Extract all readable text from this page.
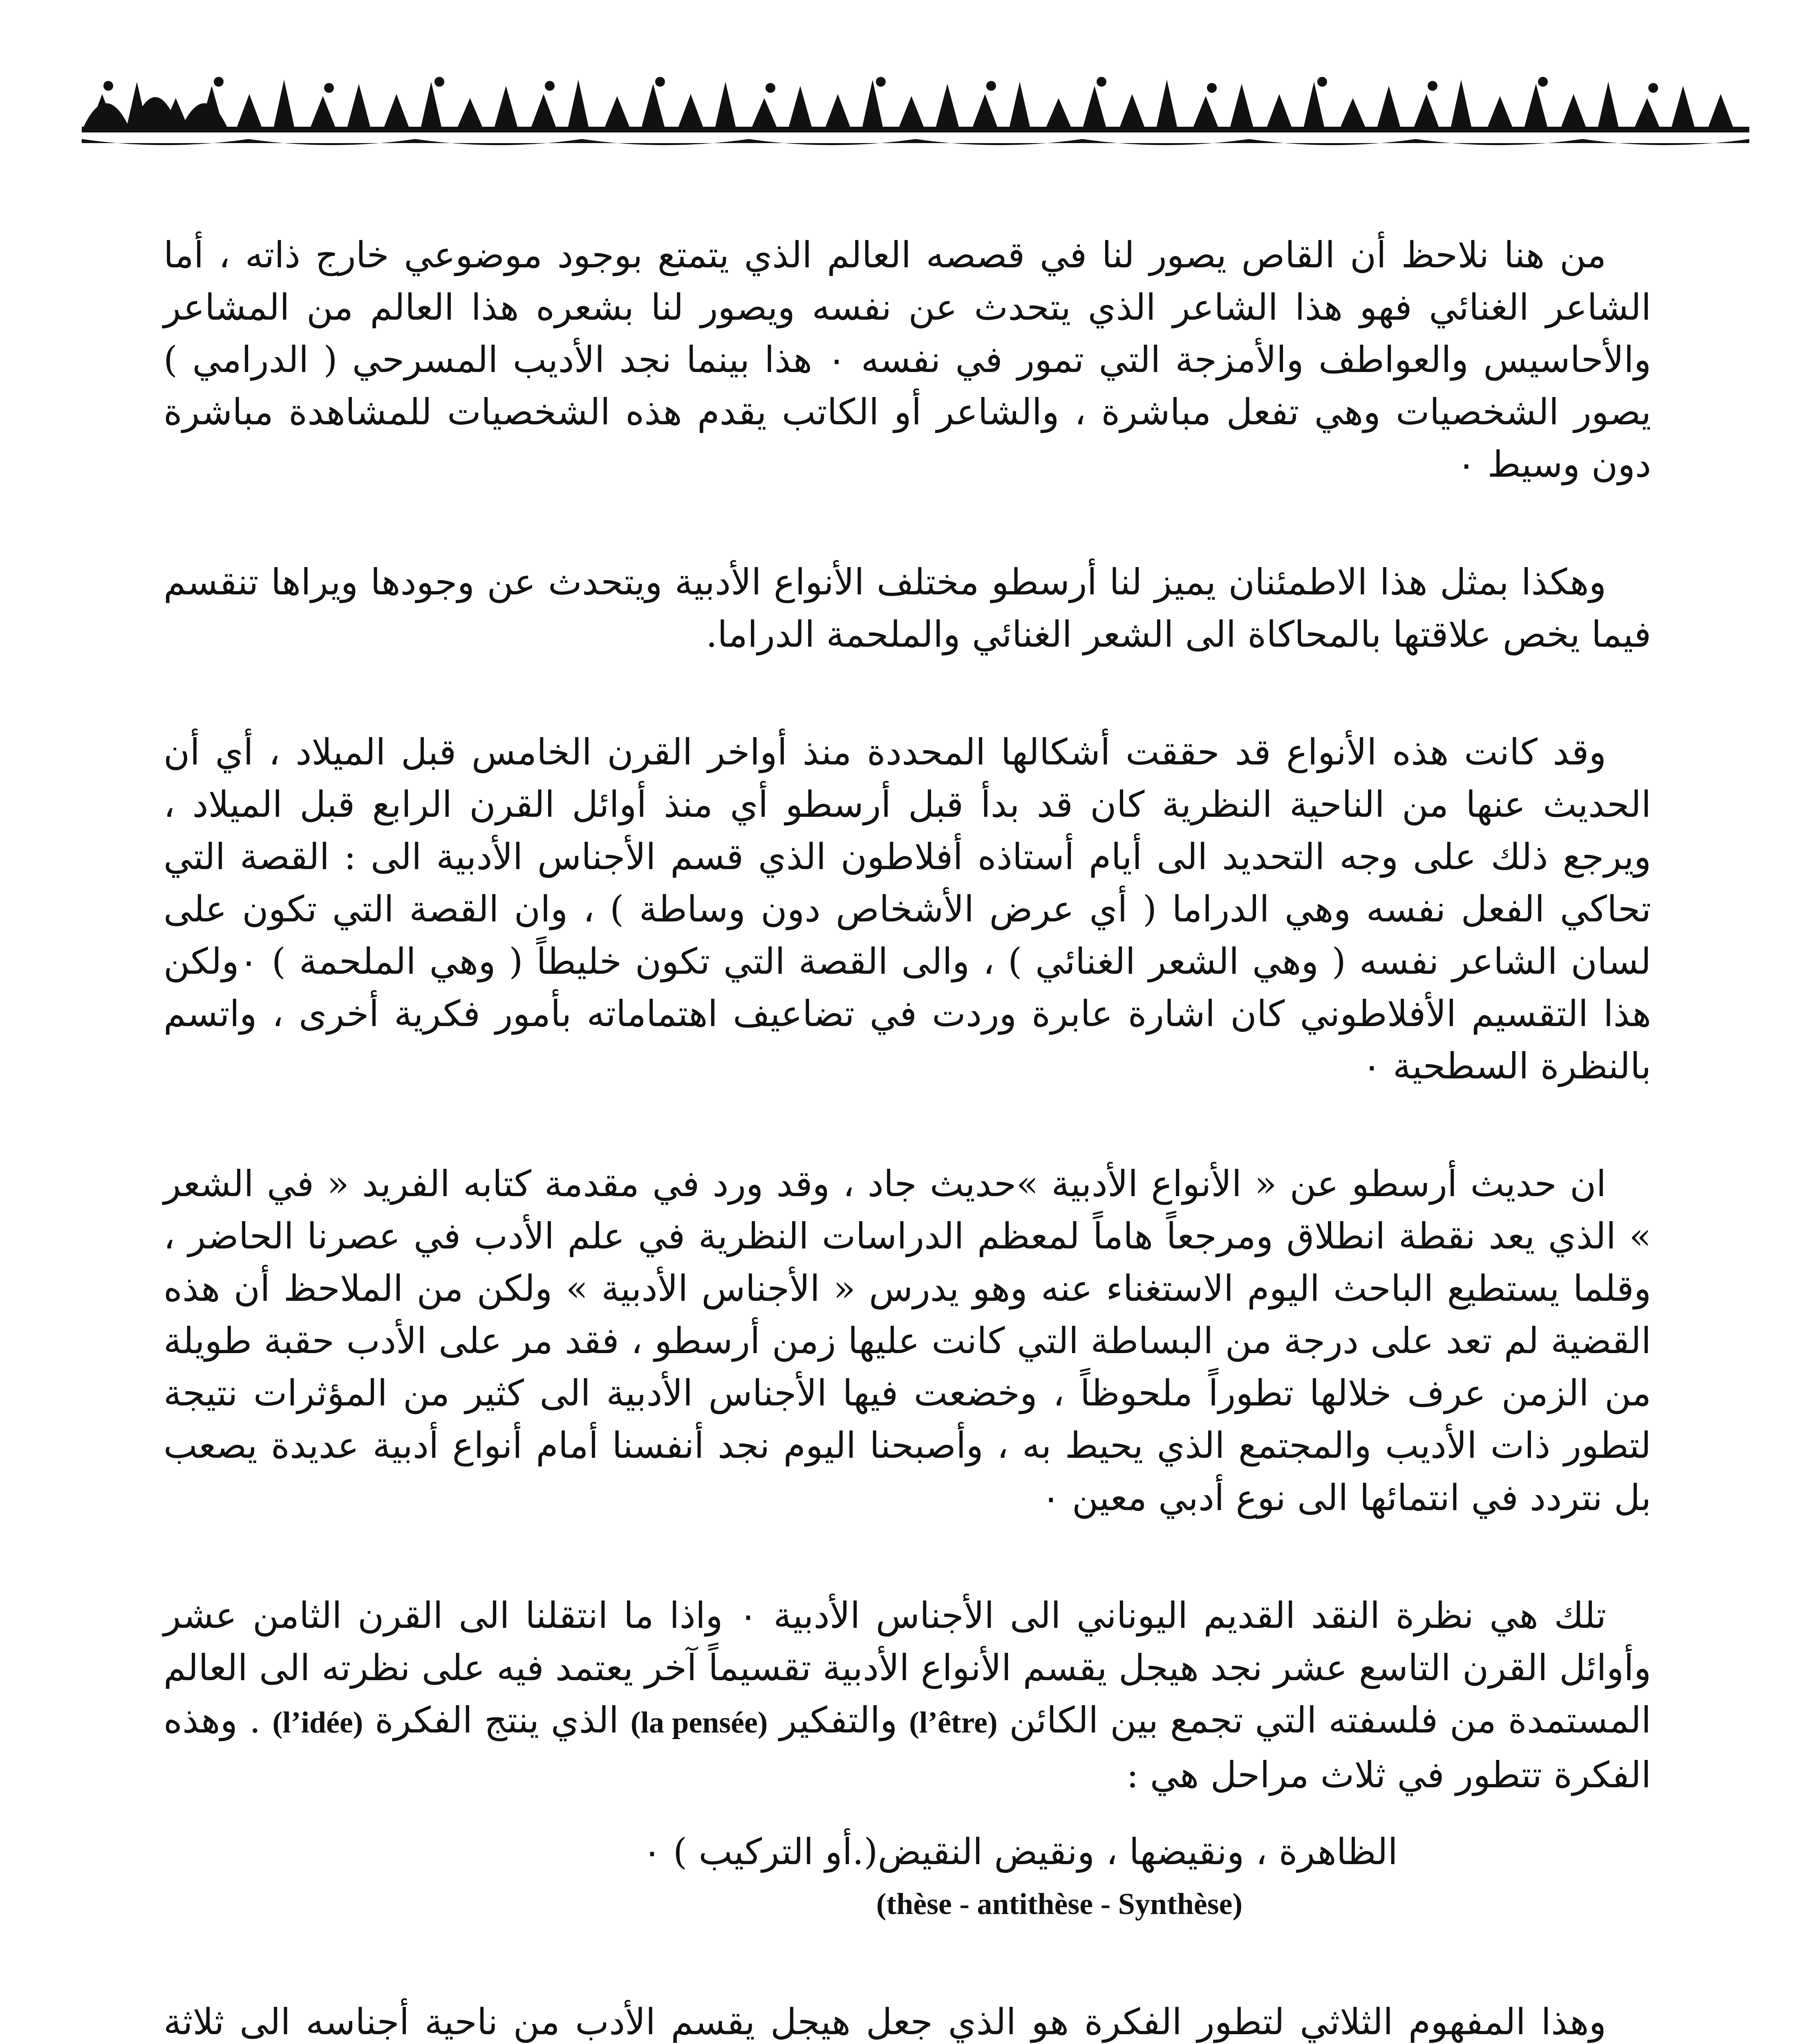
من هنا نلاحظ أن القاص يصور لنا في قصصه العالم الذي يتمتع بوجود موضوعي خارج ذاته ، أما الشاعر الغنائي فهو هذا الشاعر الذي يتحدث عن نفسه ويصور لنا بشعره هذا العالم من المشاعر والأحاسيس والعواطف والأمزجة التي تمور في نفسه ٠ هذا بينما نجد الأديب المسرحي ( الدرامي ) يصور الشخصيات وهي تفعل مباشرة ، والشاعر أو الكاتب يقدم هذه الشخصيات للمشاهدة مباشرة دون وسيط ٠

وهكذا بمثل هذا الاطمئنان يميز لنا أرسطو مختلف الأنواع الأدبية ويتحدث عن وجودها ويراها تنقسم فيما يخص علاقتها بالمحاكاة الى الشعر الغنائي والملحمة الدراما.

وقد كانت هذه الأنواع قد حققت أشكالها المحددة منذ أواخر القرن الخامس قبل الميلاد ، أي أن الحديث عنها من الناحية النظرية كان قد بدأ قبل أرسطو أي منذ أوائل القرن الرابع قبل الميلاد ، ويرجع ذلك على وجه التحديد الى أيام أستاذه أفلاطون الذي قسم الأجناس الأدبية الى : القصة التي تحاكي الفعل نفسه وهي الدراما ( أي عرض الأشخاص دون وساطة ) ، وان القصة التي تكون على لسان الشاعر نفسه ( وهي الشعر الغنائي ) ، والى القصة التي تكون خليطاً ( وهي الملحمة ) ٠ولكن هذا التقسيم الأفلاطوني كان اشارة عابرة وردت في تضاعيف اهتماماته بأمور فكرية أخرى ، واتسم بالنظرة السطحية ٠

ان حديث أرسطو عن « الأنواع الأدبية »حديث جاد ، وقد ورد في مقدمة كتابه الفريد « في الشعر » الذي يعد نقطة انطلاق ومرجعاً هاماً لمعظم الدراسات النظرية في علم الأدب في عصرنا الحاضر ، وقلما يستطيع الباحث اليوم الاستغناء عنه وهو يدرس « الأجناس الأدبية » ولكن من الملاحظ أن هذه القضية لم تعد على درجة من البساطة التي كانت عليها زمن أرسطو ، فقد مر على الأدب حقبة طويلة من الزمن عرف خلالها تطوراً ملحوظاً ، وخضعت فيها الأجناس الأدبية الى كثير من المؤثرات نتيجة لتطور ذات الأديب والمجتمع الذي يحيط به ، وأصبحنا اليوم نجد أنفسنا أمام أنواع أدبية عديدة يصعب بل نتردد في انتمائها الى نوع أدبي معين ٠

تلك هي نظرة النقد القديم اليوناني الى الأجناس الأدبية ٠ واذا ما انتقلنا الى القرن الثامن عشر وأوائل القرن التاسع عشر نجد هيجل يقسم الأنواع الأدبية تقسيماً آخر يعتمد فيه على نظرته الى العالم المستمدة من فلسفته التي تجمع بين الكائن (l’être) والتفكير (la pensée) الذي ينتج الفكرة (l’idée) . وهذه الفكرة تتطور في ثلاث مراحل هي :

الظاهرة ، ونقيضها ، ونقيض النقيض(.أو التركيب ) ٠
(thèse - antithèse - Synthèse)

وهذا المفهوم الثلاثي لتطور الفكرة هو الذي جعل هيجل يقسم الأدب من ناحية أجناسه الى ثلاثة
